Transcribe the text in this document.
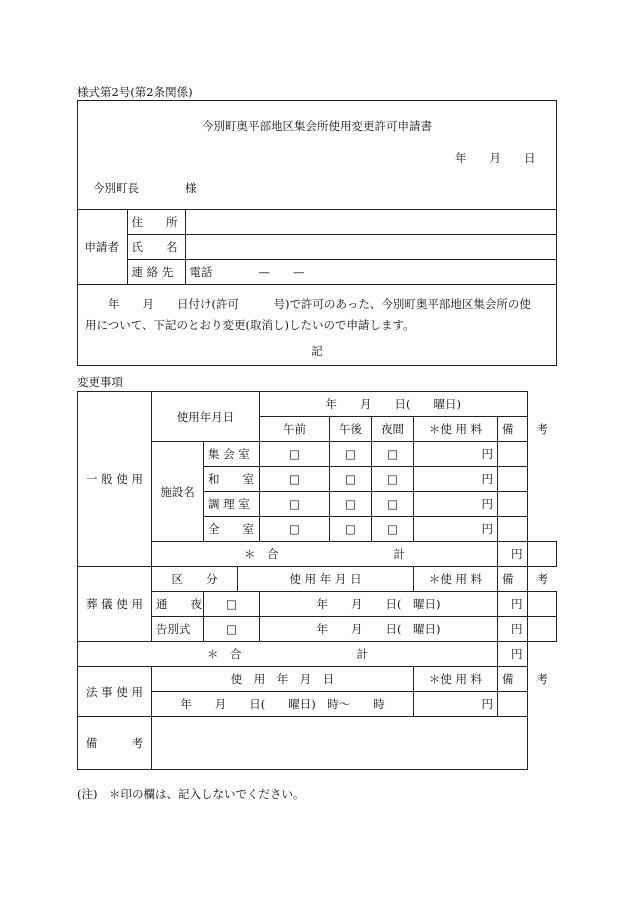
様式第2号(第2条関係)
今別町奥平部地区集会所使用変更許可申請書
年　　月　　日
今別町長　　　　様
申請者	住　　所	
	氏　　名	
	連 絡 先	電話　　　　—　　—
　　年　　月　　日付け(許可　　　号)で許可のあった、今別町奥平部地区集会所の使
用について、下記のとおり変更(取消し)したいので申請します。
記
変更事項
一 般 使 用	使用年月日			年　　月　　日(　　曜日)					
				午前	午後	夜間	＊使 用 料	備　　考	
	施設名	集 会 室		□	□	□	円		
		和　　室		□	□	□	円		
		調 理 室		□	□	□	円		
		全　　室		□	□	□	円		
	＊　合　　　　　　　　　　計							円	
葬 儀 使 用	区　　分		使 用 年 月 日				＊使 用 料	備　　考	
	通　　夜	□		年　　月　　日(　曜日)				円	
	告別式	□		年　　月　　日(　曜日)				円	
＊　合　　　　　　　　　　計								円	
法 事 使 用	使　用　年　月　日						＊使 用 料	備　　考	
	年　　月　　日(　　曜日)　時〜　　時						円		
備　　　考									
(注)　＊印の欄は、記入しないでください。
